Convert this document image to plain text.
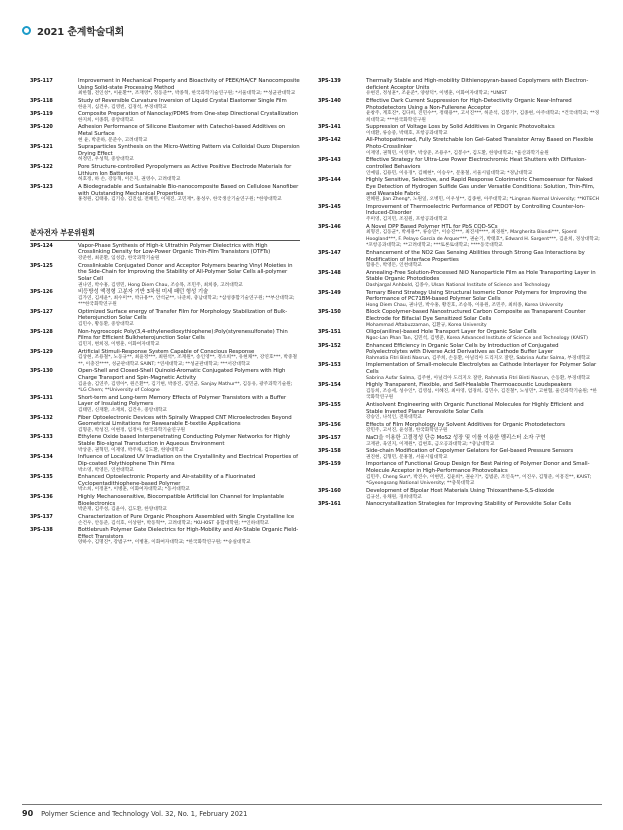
2021 춘계학술대회
3PS-117	Improvement in Mechanical Property and Bioactivity of PEEK/HA/CF Nanocomposite Using Solid-state Processing Method
최한협, 전인성*, 이운환**, 조재영*, 정동준**, 박종혁, 한국과학기술연구원; *서울대학교; **성균관대학교
3PS-118	Study of Reversible Curvature Inversion of Liquid Crystal Elastomer Single Film
한윤지, 심건우, 김영빈, 김경석, 부경대학교
3PS-119	Composite Preparation of Nanoclay/PDMS from One-step Directional Crystallization
한지희, 이종휘, 중앙대학교
3PS-120	Adhesion Performance of Silicone Elastomer with Catechol-based Additives on Metal Surface
현 윤, 박준하, 문준수, 고려대학교
3PS-121	Supraparticles Synthesis on the Micro-Wetting Pattern via Colloidal Ouzo Dispersion Drying Effect
허정민, 우성혁, 중앙대학교
3PS-122	Pore Structure-controlled Pyropolymers as Active Positive Electrode Materials for Lithium Ion Batteries
허호정, 하 손, 강동혁, 이은지, 권영수, 고려대학교
3PS-123	A Biodegradable and Sustainable Bio-nanocomposite Based on Cellulose Nanofiber with Outstanding Mechanical Properties
홍정원, 김태용, 김기승, 김진섭, 전혜민, 이제진, 고민재*, 홍성우, 한국생산기술연구원; *한양대학교
분자전자 부문위원회
3PS-124	Vapor-Phase Synthesis of High-k Ultrathin Polymer Dielectrics with High Crosslinking Density for Low-Power Organic Thin-Film Transistors (OTFTs)
강준헌, 최준환, 임성갑, 한국과학기술원
3PS-125	Crosslinkable Conjugated Donor and Acceptor Polymers bearing Vinyl Moieties in the Side-Chain for Improving the Stability of All-Polymer Solar Cells all-polymer Solar Cell
권나연, 박수홍, 김영민, Hong Diem Chau, 조승목, 조민주, 최희종, 고려대학교
3PS-126	비등방성 액정형 고분자 기반 3차원 미세 패턴 형성 기술
김가연, 김세윤*, 최수미**, 박규용**, 안석균**, 나준희, 충남대학교; *삼성종합기술연구원; **부산대학교; ***한국화학연구원
3PS-127	Optimized Surface energy of Transfer Film for Morphology Stabilization of Bulk-Heterojunction Solar Cells
김민수, 황동환, 중앙대학교
3PS-128	Non-hygroscopic Poly(3,4-ethylenedioxythiophene):Poly(styrenesulfonate) Thin Films for Efficient Bulkheterojunction Solar Cells
김민지, 변희경, 이병훈, 이화여자대학교
3PS-129	Artificial Stimuli-Response System Capable of Conscious Response
김상현, 조용철*, 노동규**, 최윤정***, 최원석*, 조재원*, 송인영**, 정소희**, 유현채**, 강연호***, 박중철**, 이충진****, 성균관대학교 SAINT; *연세대학교; **성균관대학교; ***서강대학교
3PS-130	Open-Shell and Closed-Shell Quinoid-Aromatic Conjugated Polymers with High Charge Transport and Spin-Magnetic Activity
김윤솔, 김연주, 김영아*, 원은환**, 김기현, 박종진, 김민균, Sanjay Mathur**, 김동유, 광주과학기술원; *LG Chem; **University of Cologne
3PS-131	Short-term and Long-term Memory Effects of Polymer Transistors with a Buffer Layer of Insulating Polymers
김태민, 신재환, 소재희, 김건우, 중앙대학교
3PS-132	Fiber Optoelectronic Devices with Spirally Wrapped CNT Microelectrodes Beyond Geometrical Limitations for Rewearable E-textile Applications
김형준, 박성진, 이현정, 임정아, 한국과학기술연구원
3PS-133	Ethylene Oxide based Interpenetrating Conducting Polymer Networks for Highly Stable Bio-signal Transduction in Aqueous Environment
박상준, 권혁민, 이재영, 박주채, 김도환, 한양대학교
3PS-134	Influence of Localized UV Irradiation on the Crystallinity and Electrical Properties of Dip-coated Polythiophene Thin Films
박소영, 박영돈, 인천대학교
3PS-135	Enhanced Optoelectronic Property and Air-stability of a Fluorinated Cyclopentadithiophene-based Polymer
박소희, 이정훈*, 이병훈, 이화여자대학교; *동서대학교
3PS-136	Highly Mechanosensitive, Biocompatible Artificial Ion Channel for Implantable Bioelectronics
박준재, 김주성, 김윤아, 김도환, 한양대학교
3PS-137	Characterization of Pure Organic Phosphors Assembled with Single Crystalline Ice
손건우, 안동준, 김석호, 이상원*, 박동혁**, 고려대학교; *KU-KIST 융합대학원; **인하대학교
3PS-138	Bottlebrush Polymer Gate Dielectrics for High-Mobility and Air-Stable Organic Field-Effect Transistors
양하수, 김명진*, 강범구**, 이병훈, 이화여자대학교; *한국화학연구원; **숭실대학교
3PS-139	Thermally Stable and High-mobility Dithienopyran-based Copolymers with Electron-deficient Acceptor Units
유현진, 정성훈*, 조윤준*, 양창덕*, 이병훈, 이화여자대학교; *UNIST
3PS-140	Effective Dark Current Suppression for High-Detectivity Organic Near-Infrared Photodetectors Using a Non-Fullerene Acceptor
윤창주, 계호진*, 김다희, 진민수**, 정태용**, 고서진***, 허준석, 김봉기*, 김종현, 아주대학교; *건국대학교; **경희대학교; ***한국화학연구원
3PS-141	Suppression of Voltage Loss by Solid Additives in Organic Photovoltaics
이대환, 류승중, 박태호, 포항공과대학교
3PS-142	All-Photopatterned, Fully Stretchable Ion Gel-Gated Transistor Array Based on Flexible Photo-Crosslinker
이재영, 권혁민, 이영재*, 박상준, 조용우*, 김봉수*, 김도환, 한양대학교; *울산과학기술원
3PS-143	Effective Strategy for Ultra-Low Power Electrochromic Heat Shutters with Diffusion-controlled Behaviors
인예림, 김용민, 이유경*, 김혜현*, 이승우*, 문홍철, 서울시립대학교; *경남대학교
3PS-144	Highly Sensitive, Selective, and Rapid Response Colorimetric Chemosensor for Naked Eye Detection of Hydrogen Sulfide Gas under Versatile Conditions: Solution, Thin-Film, and Wearable Fabric
전혜원, Jian Zheng*, 노원일, 오병민, 이우성**, 김종현, 아주대학교; *Lingnan Normal University; **KITECH
3PS-145	Improvement of Thermoelectric Performance of PEDOT by Controlling Counter-Ion-Induced-Disorder
주미영, 김지민, 조길원, 포항공과대학교
3PS-146	A Novel DPP Based Polymer HTL for PbS CQD-SCs
최형진, 김동균*, 박세용**, 류승연*, 이승진***, 최진세****, 최경원*, Margherita Biondi***, Sjoerd Hoogland***, F. Pelayo García de Arquer***, 권순기, 박태호*, Edward H. Sargent***, 김윤희, 경상대학교; *포항공과대학교; **고려대학교; ***토론토대학교; ****동국대학교
3PS-147	Enhancement of the NO2 Gas Sensing Abilities through Strong Gas Interactions by Modification of Interface Properties
함용은, 박영돈, 인천대학교
3PS-148	Annealing-Free Solution-Processed NiO Nanoparticle Film as Hole Transporting Layer in Stable Organic Photodiodes
Dashjargal Anhbold, 김종수, Ulsan National Institute of Science and Technology
3PS-149	Ternary Blend Strategy Using Structural Isomeric Donor Polymers for Improving the Performance of PC71BM-based Polymer Solar Cells
Hong Diem Chau, 권나연, 박수홍, 황진호, 조승목, 이용원, 조민주, 최희종, Korea University
3PS-150	Block Copolymer-based Nanostructured Carbon Composite as Transparent Counter Electrode for Bifacial Dye Sensitized Solar Cells
Mohammad Aftabuzzaman, 김환규, Korea University
3PS-151	Oligo(aniline)-based Hole Transport Layer for Organic Solar Cells
Ngoc-Lan Phan Tan, 김민석, 김병준, Korea Advanced Institute of Science and Technology (KAIST)
3PS-152	Enhanced Efficiency in Organic Solar Cells by Introduction of Conjugated Polyelectrolytes with Diverse Acid Derivatives as Cathode Buffer Layer
Rahmatia Fitri Binti Nasrun, 김주희, 손동환, 아닐리아 도리지오 잘란, Sabrina Aufar Salma, 부경대학교
3PS-153	Implementation of Small-molecule Electrolytes as Cathode Interlayer for Polymer Solar Cells
Sabrina Aufar Salma, 김주현, 아닐리아 도리지오 잘란, Rahmatia Fitri Binti Nasrun, 손동환, 부경대학교
3PS-154	Highly Transparent, Flexible, and Self-Healable Thermoacoustic Loudspeakers
김동희, 조승세, 성수인*, 김영섭, 이혜진, 최아영, 엄경희, 김민수, 김진철*, 노성민*, 고현협, 울산과학기술원; *한국화학연구원
3PS-155	Antisolvent Engineering with Organic Functional Molecules for Highly Efficient and Stable Inverted Planar Perovskite Solar Cells
강승인, 나석인, 전북대학교
3PS-156	Effects of Film Morphology by Solvent Additives for Organic Photodetectors
강민주, 고서진, 윤성철, 한국화학연구원
3PS-157	NaCl을 이용한 고결정성 단층 MoS2 성장 및 이를 이용한 멤리스터 소자 구현
고재관, 육연지, 이재원*, 김현호, 금오공과대학교; *충남대학교
3PS-158	Side-chain Modification of Copolymer Gelators for Gel-based Pressure Sensors
권진현, 김형민, 문홍철, 서울시립대학교
3PS-159	Importance of Functional Group Design for Best Pairing of Polymer Donor and Small-Molecule Acceptor in High-Performance Photovoltaics
김민주, Cheng Sun*, 박진수, 이현민, 김윤희*, 권순기*, 김범준, 조인욱**, 이진우, 김형준, 이흥진**, KAIST; *Gyeongsang National University; **충북대학교
3PS-160	Development of Bipolar Host Materials Using Thioxanthene-S,S-dioxide
김규선, 유채원, 경희대학교
3PS-161	Nanocrystallization Strategies for Improving Stability of Perovskite Solar Cells
90 Polymer Science and Technology Vol. 32, No. 1, February 2021
